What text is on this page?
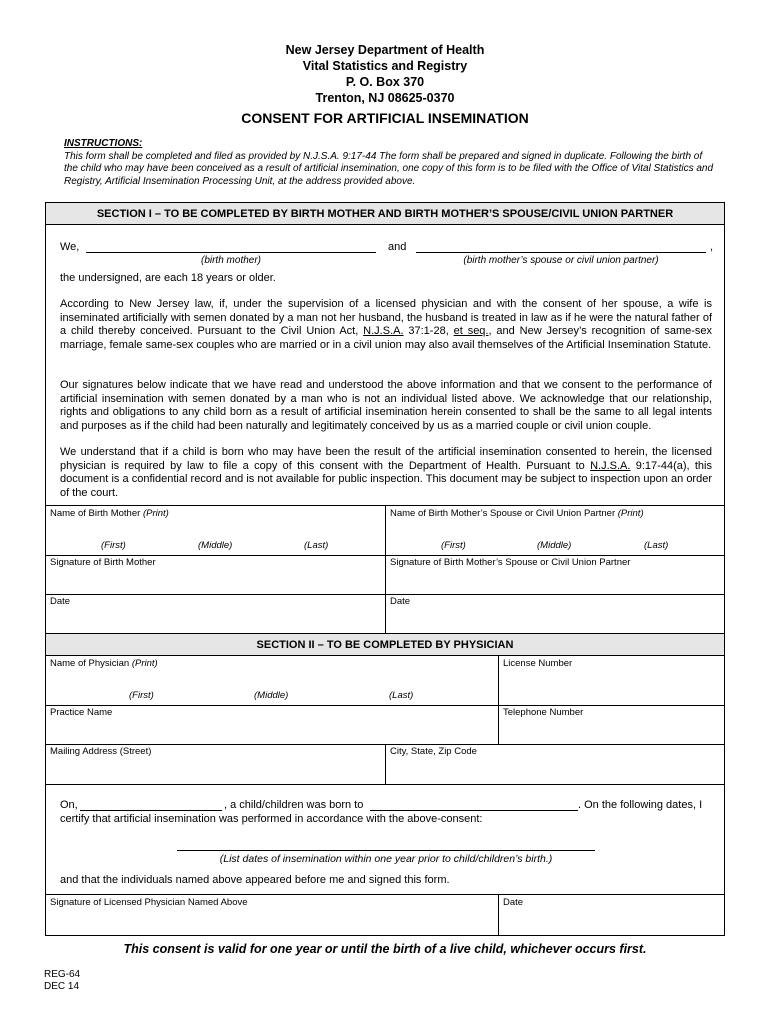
New Jersey Department of Health
Vital Statistics and Registry
P. O. Box 370
Trenton, NJ 08625-0370
CONSENT FOR ARTIFICIAL INSEMINATION
INSTRUCTIONS:
This form shall be completed and filed as provided by N.J.S.A. 9:17-44 The form shall be prepared and signed in duplicate. Following the birth of the child who may have been conceived as a result of artificial insemination, one copy of this form is to be filed with the Office of Vital Statistics and Registry, Artificial Insemination Processing Unit, at the address provided above.
SECTION I – TO BE COMPLETED BY BIRTH MOTHER AND BIRTH MOTHER’S SPOUSE/CIVIL UNION PARTNER
We,	and	,
(birth mother)	(birth mother’s spouse or civil union partner)
the undersigned, are each 18 years or older.
According to New Jersey law, if, under the supervision of a licensed physician and with the consent of her spouse, a wife is inseminated artificially with semen donated by a man not her husband, the husband is treated in law as if he were the natural father of a child thereby conceived. Pursuant to the Civil Union Act, N.J.S.A. 37:1-28, et seq., and New Jersey’s recognition of same-sex marriage, female same-sex couples who are married or in a civil union may also avail themselves of the Artificial Insemination Statute.
Our signatures below indicate that we have read and understood the above information and that we consent to the performance of artificial insemination with semen donated by a man who is not an individual listed above. We acknowledge that our relationship, rights and obligations to any child born as a result of artificial insemination herein consented to shall be the same to all legal intents and purposes as if the child had been naturally and legitimately conceived by us as a married couple or civil union couple.
We understand that if a child is born who may have been the result of the artificial insemination consented to herein, the licensed physician is required by law to file a copy of this consent with the Department of Health. Pursuant to N.J.S.A. 9:17-44(a), this document is a confidential record and is not available for public inspection. This document may be subject to inspection upon an order of the court.
Name of Birth Mother (Print)	Name of Birth Mother’s Spouse or Civil Union Partner (Print)
(First)	(Middle)	(Last)	(First)	(Middle)	(Last)
Signature of Birth Mother	Signature of Birth Mother’s Spouse or Civil Union Partner
Date	Date
SECTION II – TO BE COMPLETED BY PHYSICIAN
Name of Physician (Print)	License Number
(First)	(Middle)	(Last)
Practice Name	Telephone Number
Mailing Address (Street)	City, State, Zip Code
On,	, a child/children was born to	. On the following dates, I
certify that artificial insemination was performed in accordance with the above-consent:
(List dates of insemination within one year prior to child/children’s birth.)
and that the individuals named above appeared before me and signed this form.
Signature of Licensed Physician Named Above	Date
This consent is valid for one year or until the birth of a live child, whichever occurs first.
REG-64
DEC 14
